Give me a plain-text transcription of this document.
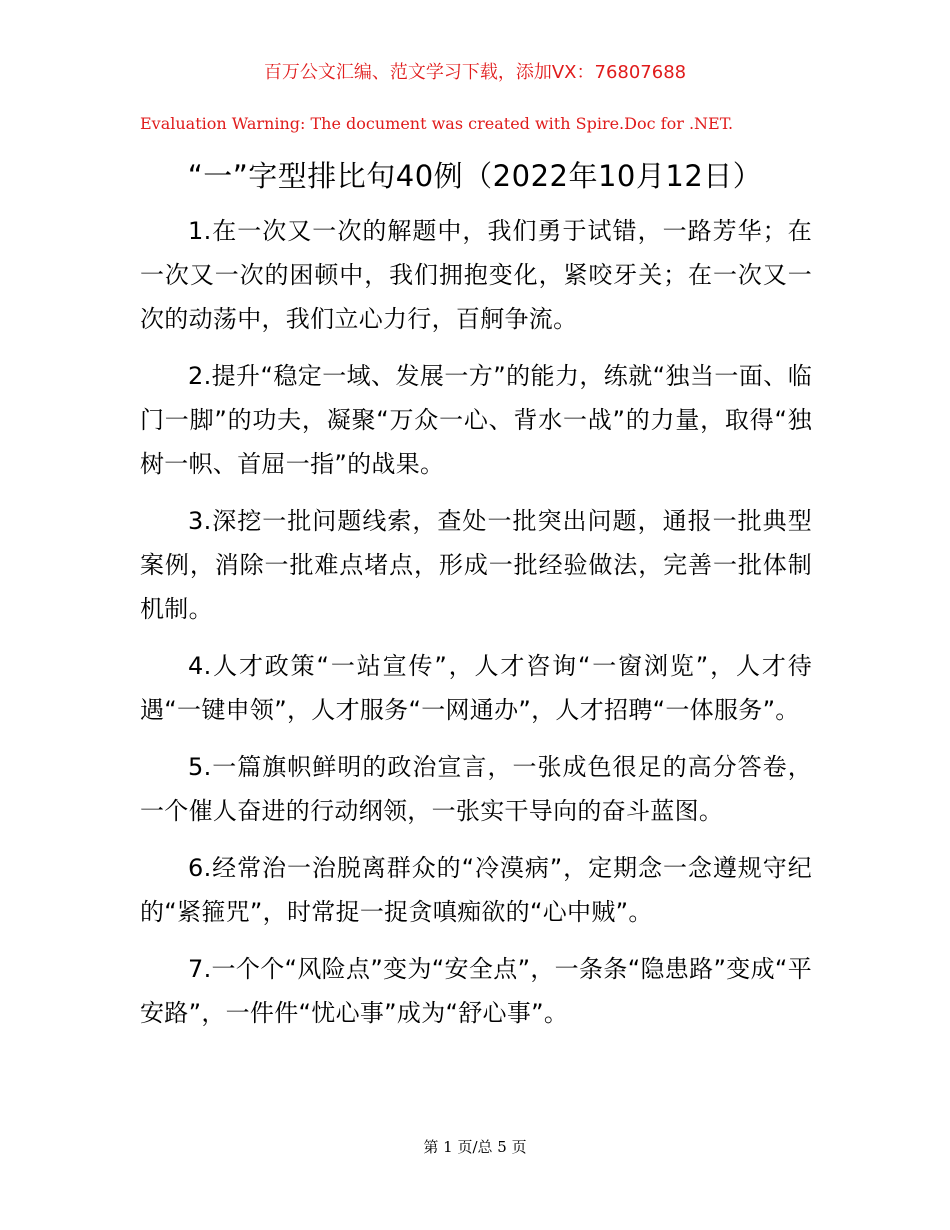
百万公文汇编、范文学习下载，添加VX：76807688
Evaluation Warning: The document was created with Spire.Doc for .NET.
“一”字型排比句40例（2022年10月12日）

1.在一次又一次的解题中，我们勇于试错，一路芳华；在一次又一次的困顿中，我们拥抱变化，紧咬牙关；在一次又一次的动荡中，我们立心力行，百舸争流。

2.提升“稳定一域、发展一方”的能力，练就“独当一面、临门一脚”的功夫，凝聚“万众一心、背水一战”的力量，取得“独树一帜、首屈一指”的战果。

3.深挖一批问题线索，查处一批突出问题，通报一批典型案例，消除一批难点堵点，形成一批经验做法，完善一批体制机制。

4.人才政策“一站宣传”，人才咨询“一窗浏览”，人才待遇“一键申领”，人才服务“一网通办”，人才招聘“一体服务”。

5.一篇旗帜鲜明的政治宣言，一张成色很足的高分答卷，一个催人奋进的行动纲领，一张实干导向的奋斗蓝图。

6.经常治一治脱离群众的“冷漠病”，定期念一念遵规守纪的“紧箍咒”，时常捉一捉贪嗔痴欲的“心中贼”。

7.一个个“风险点”变为“安全点”，一条条“隐患路”变成“平安路”，一件件“忧心事”成为“舒心事”。

第 1 页/总 5 页
